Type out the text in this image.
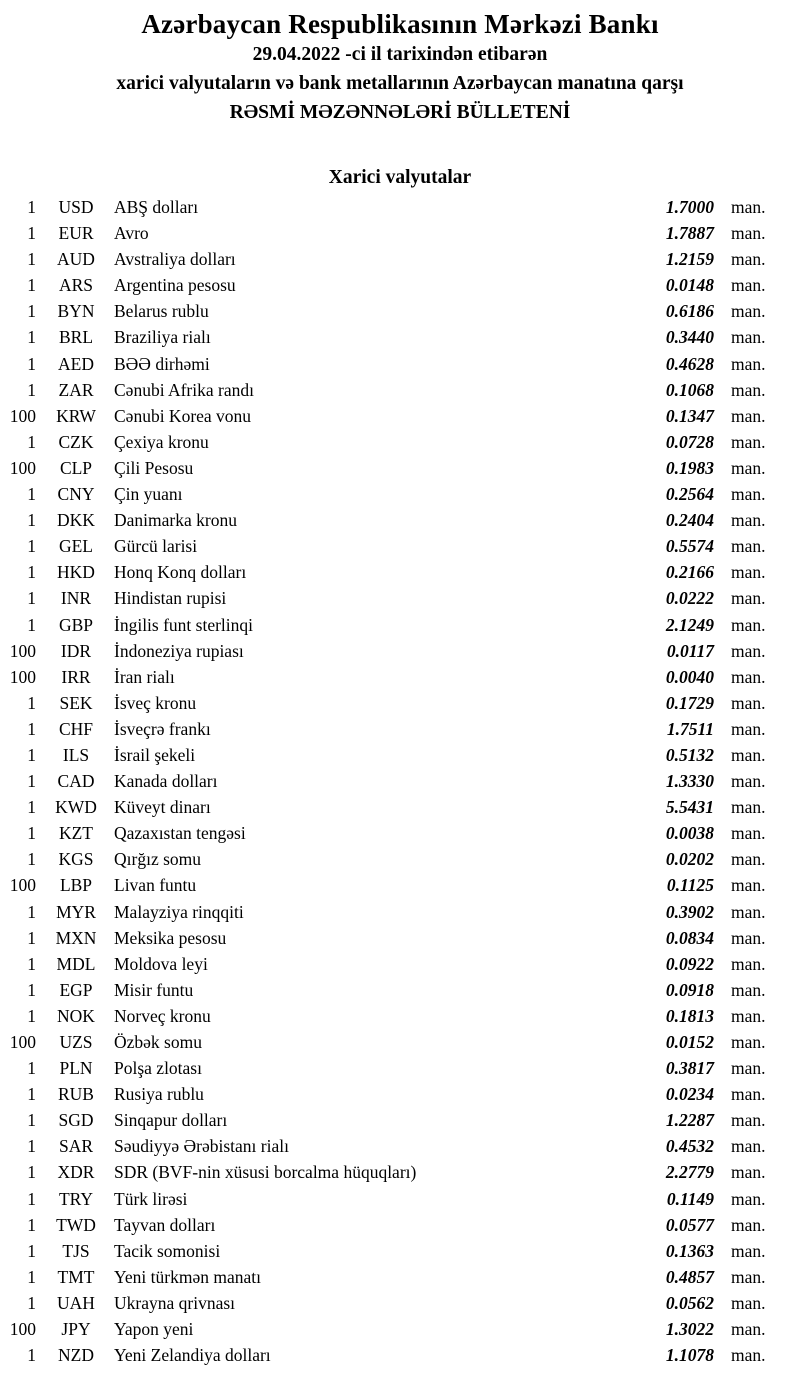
Azərbaycan Respublikasının Mərkəzi Bankı
29.04.2022 -ci il tarixindən etibarən
xarici valyutaların və bank metallarının Azərbaycan manatına qarşı
RƏSMİ MƏZƏNNƏLƏRİ BÜLLETENİ
Xarici valyutalar
1	USD	ABŞ dolları	1.7000 man.
1	EUR	Avro	1.7887 man.
1	AUD	Avstraliya dolları	1.2159 man.
1	ARS	Argentina pesosu	0.0148 man.
1	BYN	Belarus rublu	0.6186 man.
1	BRL	Braziliya rialı	0.3440 man.
1	AED	BƏƏ dirhəmi	0.4628 man.
1	ZAR	Cənubi Afrika randı	0.1068 man.
100	KRW	Cənubi Korea vonu	0.1347 man.
1	CZK	Çexiya kronu	0.0728 man.
100	CLP	Çili Pesosu	0.1983 man.
1	CNY	Çin yuanı	0.2564 man.
1	DKK	Danimarka kronu	0.2404 man.
1	GEL	Gürcü larisi	0.5574 man.
1	HKD	Honq Konq dolları	0.2166 man.
1	INR	Hindistan rupisi	0.0222 man.
1	GBP	İngilis funt sterlinqi	2.1249 man.
100	IDR	İndoneziya rupiası	0.0117 man.
100	IRR	İran rialı	0.0040 man.
1	SEK	İsveç kronu	0.1729 man.
1	CHF	İsveçrə frankı	1.7511 man.
1	ILS	İsrail şekeli	0.5132 man.
1	CAD	Kanada dolları	1.3330 man.
1	KWD Küveyt dinarı	5.5431 man.
1	KZT	Qazaxıstan tengəsi	0.0038 man.
1	KGS	Qırğız somu	0.0202 man.
100	LBP	Livan funtu	0.1125 man.
1	MYR	Malayziya rinqqiti	0.3902 man.
1	MXN	Meksika pesosu	0.0834 man.
1	MDL	Moldova leyi	0.0922 man.
1	EGP	Misir funtu	0.0918 man.
1	NOK	Norveç kronu	0.1813 man.
100	UZS	Özbək somu	0.0152 man.
1	PLN	Polşa zlotası	0.3817 man.
1	RUB	Rusiya rublu	0.0234 man.
1	SGD	Sinqapur dolları	1.2287 man.
1	SAR	Səudiyyə Ərəbistanı rialı	0.4532 man.
1	XDR	SDR (BVF-nin xüsusi borcalma hüquqları)	2.2779 man.
1	TRY	Türk lirəsi	0.1149 man.
1	TWD	Tayvan dolları	0.0577 man.
1	TJS	Tacik somonisi	0.1363 man.
1	TMT	Yeni türkmən manatı	0.4857 man.
1	UAH	Ukrayna qrivnası	0.0562 man.
100	JPY	Yapon yeni	1.3022 man.
1	NZD	Yeni Zelandiya dolları	1.1078 man.
